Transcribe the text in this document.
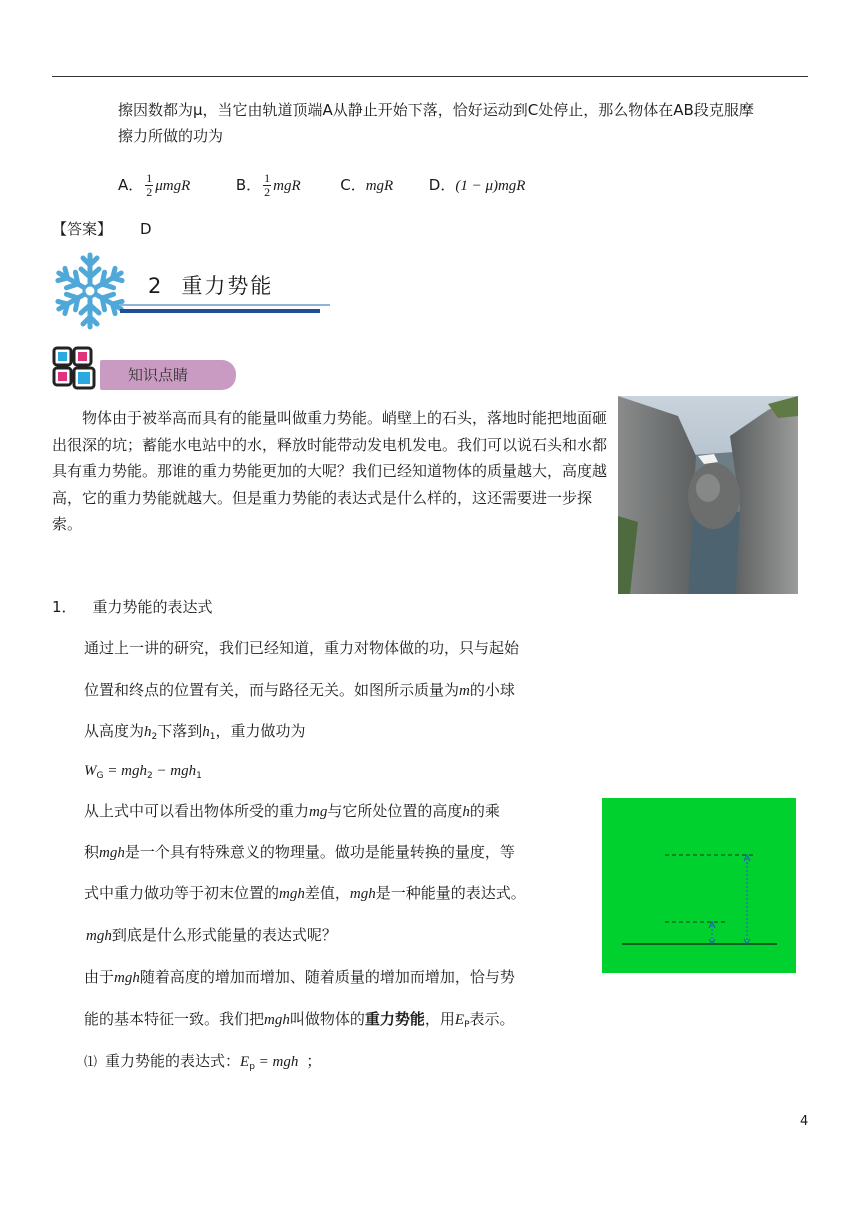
擦因数都为μ，当它由轨道顶端A从静止开始下落，恰好运动到C处停止，那么物体在AB段克服摩
擦力所做的功为
A． $\frac{1}{2}$ μmgR	B． $\frac{1}{2}$ mgR	C．mgR D．(1 − μ)mgR
【答案】 D
2 重力势能
知识点睛
物体由于被举高而具有的能量叫做重力势能。峭壁上的石头，落地时能把地面砸出很深的坑；蓄能水电站中的水，释放时能带动发电机发电。我们可以说石头和水都具有重力势能。那谁的重力势能更加的大呢？我们已经知道物体的质量越大，高度越高，它的重力势能就越大。但是重力势能的表达式是什么样的，这还需要进一步探索。
1． 重力势能的表达式
通过上一讲的研究，我们已经知道，重力对物体做的功，只与起始
位置和终点的位置有关，而与路径无关。如图所示质量为m的小球
从高度为$h_2$下落到$h_1$，重力做功为
$W_G = mgh_2 - mgh_1$
从上式中可以看出物体所受的重力mg与它所处位置的高度h的乘
积mgh是一个具有特殊意义的物理量。做功是能量转换的量度，等
式中重力做功等于初末位置的mgh差值，mgh是一种能量的表达式。
mgh到底是什么形式能量的表达式呢？
由于mgh随着高度的增加而增加、随着质量的增加而增加，恰与势
能的基本特征一致。我们把mgh叫做物体的重力势能，用$E_P$表示。
⑴ 重力势能的表达式：$E_p$ = mgh ；
4
